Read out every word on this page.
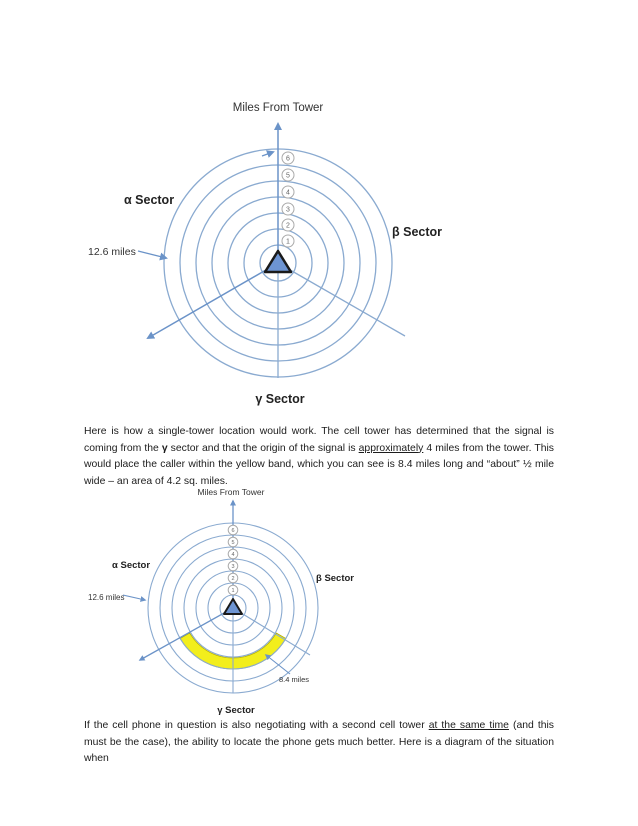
1
2
3
4
5
6
Miles From Tower
α Sector
β Sector
γ Sector
12.6 miles

Here is how a single-tower location would work. The cell tower has determined that the signal is coming from the γ sector and that the origin of the signal is approximately 4 miles from the tower. This would place the caller within the yellow band, which you can see is 8.4 miles long and “about” ½ mile wide – an area of 4.2 sq. miles.

1
2
3
4
5
6
Miles From Tower
α Sector
β Sector
γ Sector
12.6 miles
8.4 miles

If the cell phone in question is also negotiating with a second cell tower at the same time (and this must be the case), the ability to locate the phone gets much better. Here is a diagram of the situation when
